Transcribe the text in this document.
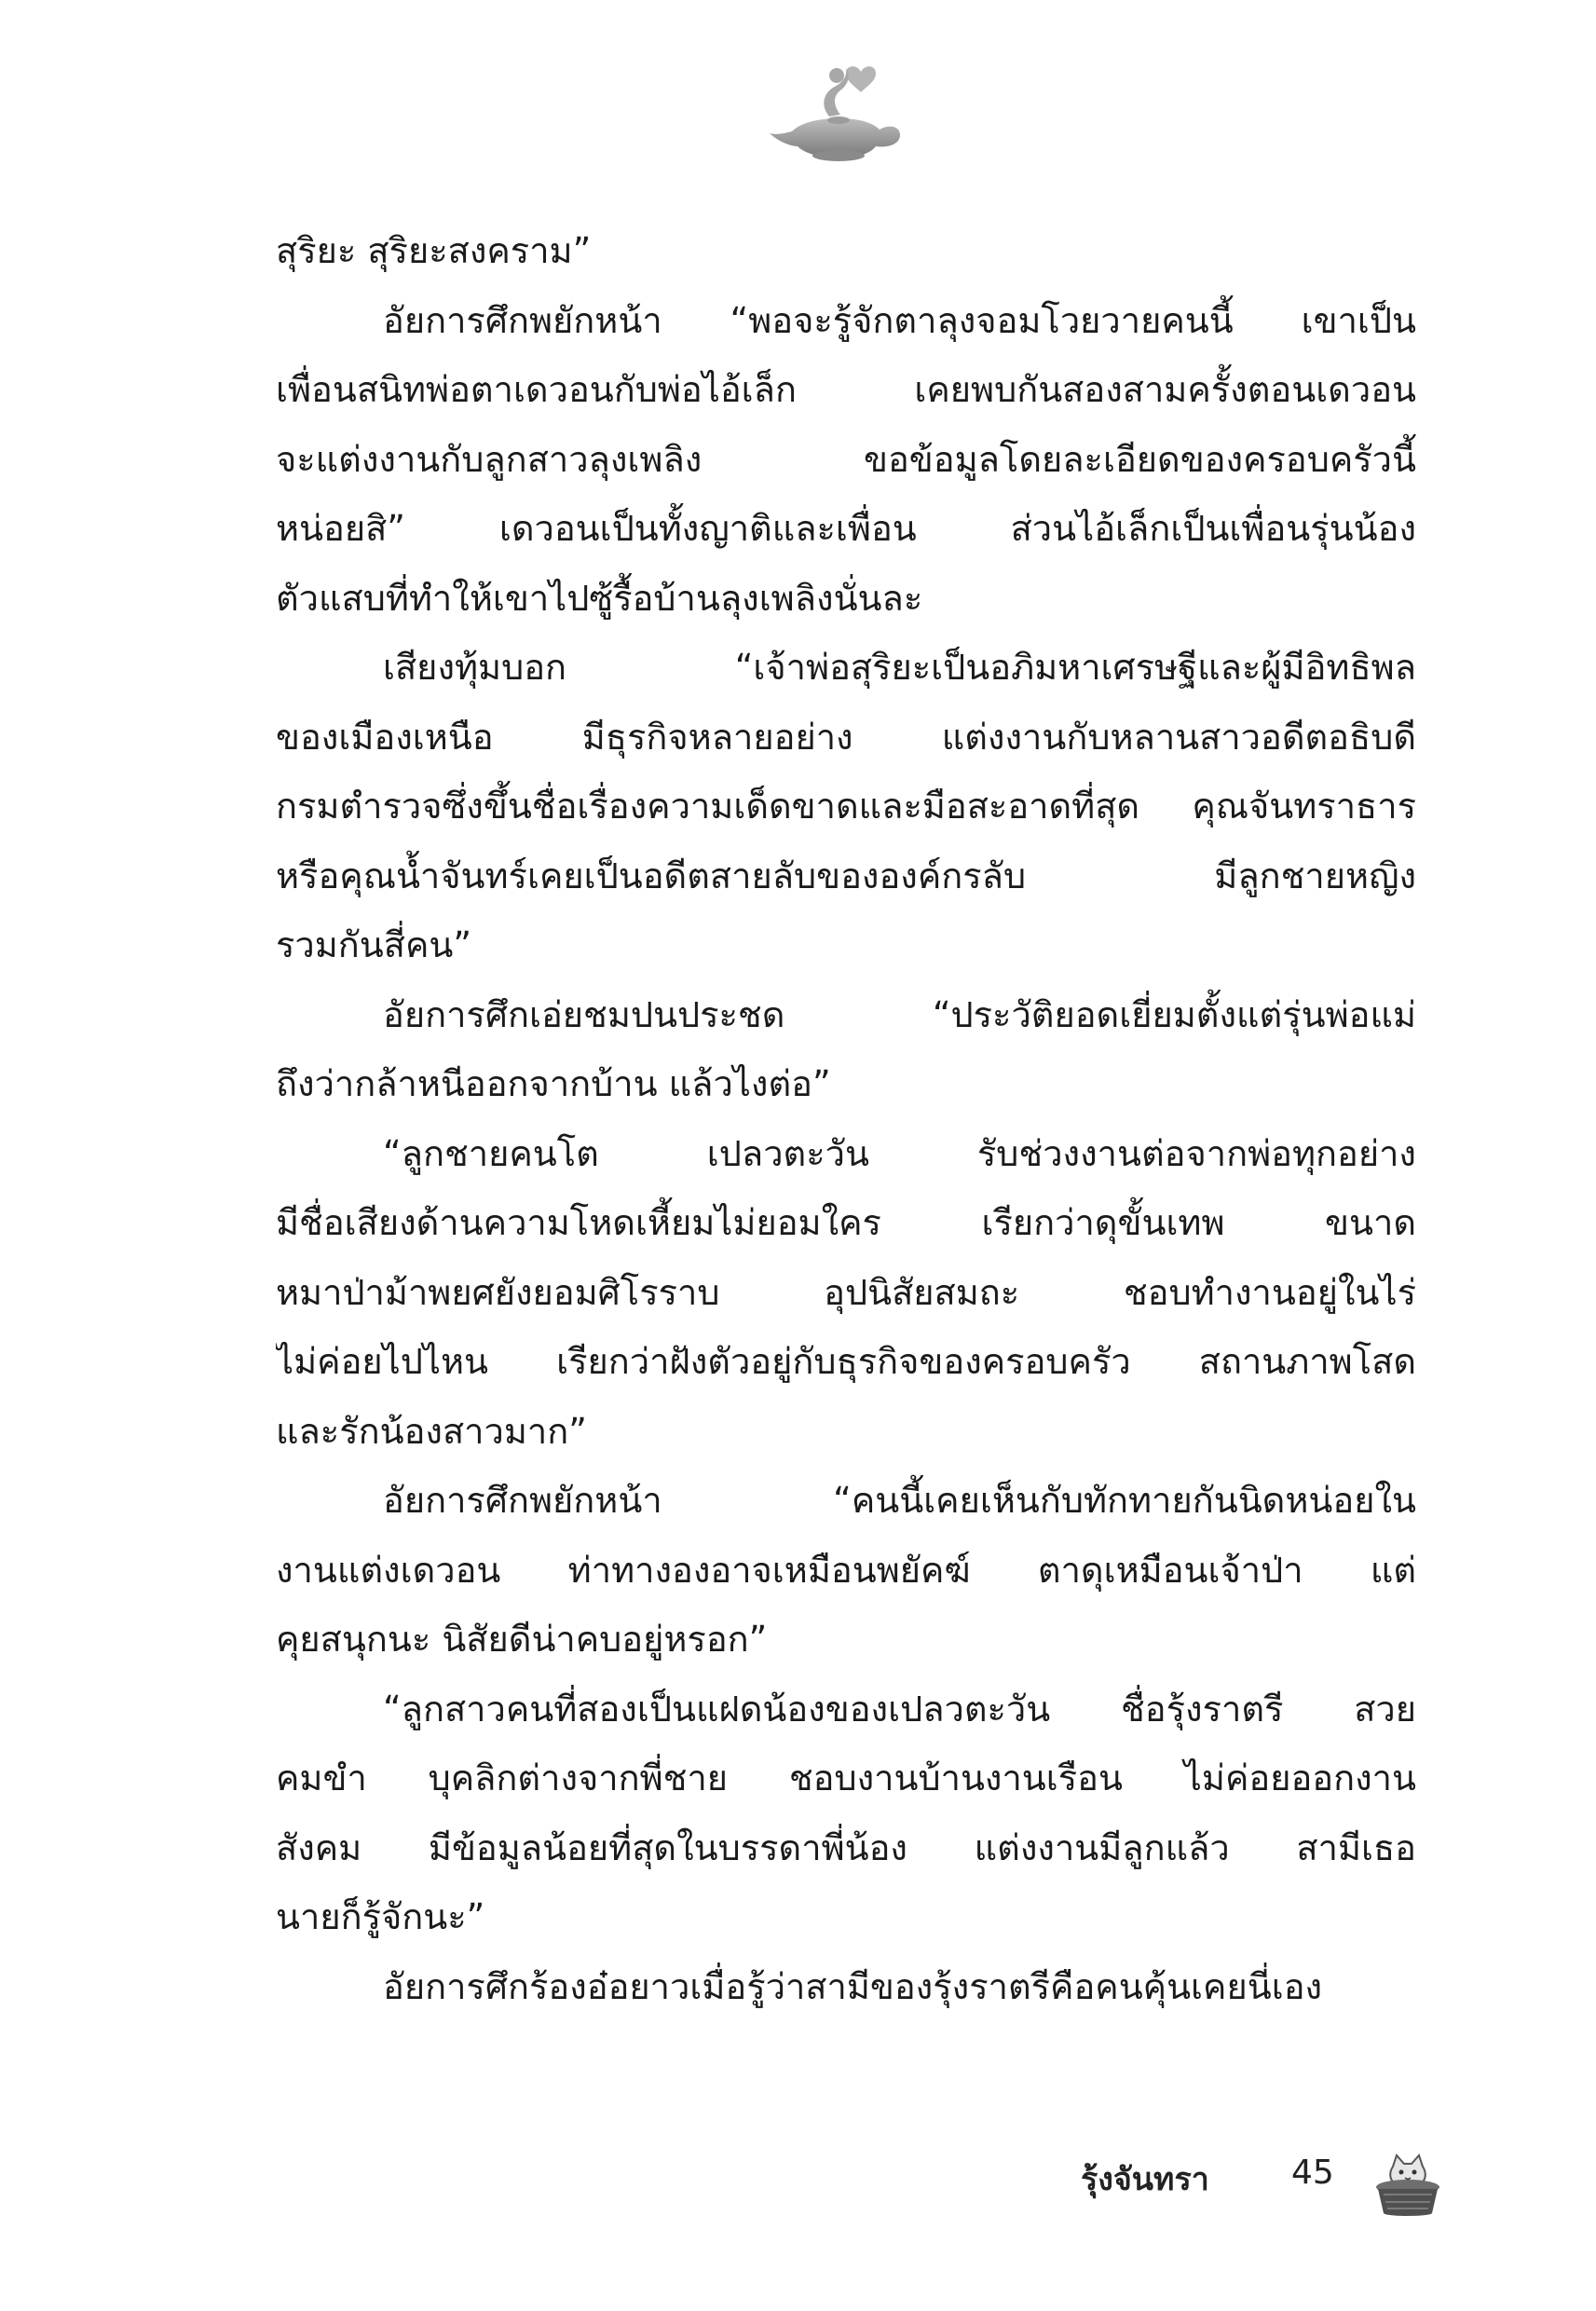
สุริยะ สุริยะสงคราม”
อัยการศึกพยักหน้า “พอจะรู้จักตาลุงจอมโวยวายคนนี้ เขาเป็น
เพื่อนสนิทพ่อตาเดวอนกับพ่อไอ้เล็ก เคยพบกันสองสามครั้งตอนเดวอน
จะแต่งงานกับลูกสาวลุงเพลิง ขอข้อมูลโดยละเอียดของครอบครัวนี้
หน่อยสิ” เดวอนเป็นทั้งญาติและเพื่อน ส่วนไอ้เล็กเป็นเพื่อนรุ่นน้อง
ตัวแสบที่ทำให้เขาไปซู้รื้อบ้านลุงเพลิงนั่นละ
เสียงทุ้มบอก “เจ้าพ่อสุริยะเป็นอภิมหาเศรษฐีและผู้มีอิทธิพล
ของเมืองเหนือ มีธุรกิจหลายอย่าง แต่งงานกับหลานสาวอดีตอธิบดี
กรมตำรวจซึ่งขึ้นชื่อเรื่องความเด็ดขาดและมือสะอาดที่สุด คุณจันทราธาร
หรือคุณน้ำจันทร์เคยเป็นอดีตสายลับขององค์กรลับ มีลูกชายหญิง
รวมกันสี่คน”
อัยการศึกเอ่ยชมปนประชด “ประวัติยอดเยี่ยมตั้งแต่รุ่นพ่อแม่
ถึงว่ากล้าหนีออกจากบ้าน แล้วไงต่อ”
“ลูกชายคนโต เปลวตะวัน รับช่วงงานต่อจากพ่อทุกอย่าง
มีชื่อเสียงด้านความโหดเหี้ยมไม่ยอมใคร เรียกว่าดุขั้นเทพ ขนาด
หมาป่าม้าพยศยังยอมศิโรราบ อุปนิสัยสมถะ ชอบทำงานอยู่ในไร่
ไม่ค่อยไปไหน เรียกว่าฝังตัวอยู่กับธุรกิจของครอบครัว สถานภาพโสด
และรักน้องสาวมาก”
อัยการศึกพยักหน้า “คนนี้เคยเห็นกับทักทายกันนิดหน่อยใน
งานแต่งเดวอน ท่าทางองอาจเหมือนพยัคฆ์ ตาดุเหมือนเจ้าป่า แต่
คุยสนุกนะ นิสัยดีน่าคบอยู่หรอก”
“ลูกสาวคนที่สองเป็นแฝดน้องของเปลวตะวัน ชื่อรุ้งราตรี สวย
คมขำ บุคลิกต่างจากพี่ชาย ชอบงานบ้านงานเรือน ไม่ค่อยออกงาน
สังคม มีข้อมูลน้อยที่สุดในบรรดาพี่น้อง แต่งงานมีลูกแล้ว สามีเธอ
นายก็รู้จักนะ”
อัยการศึกร้องอ๋อยาวเมื่อรู้ว่าสามีของรุ้งราตรีคือคนคุ้นเคยนี่เอง
รุ้งจันทรา 45
